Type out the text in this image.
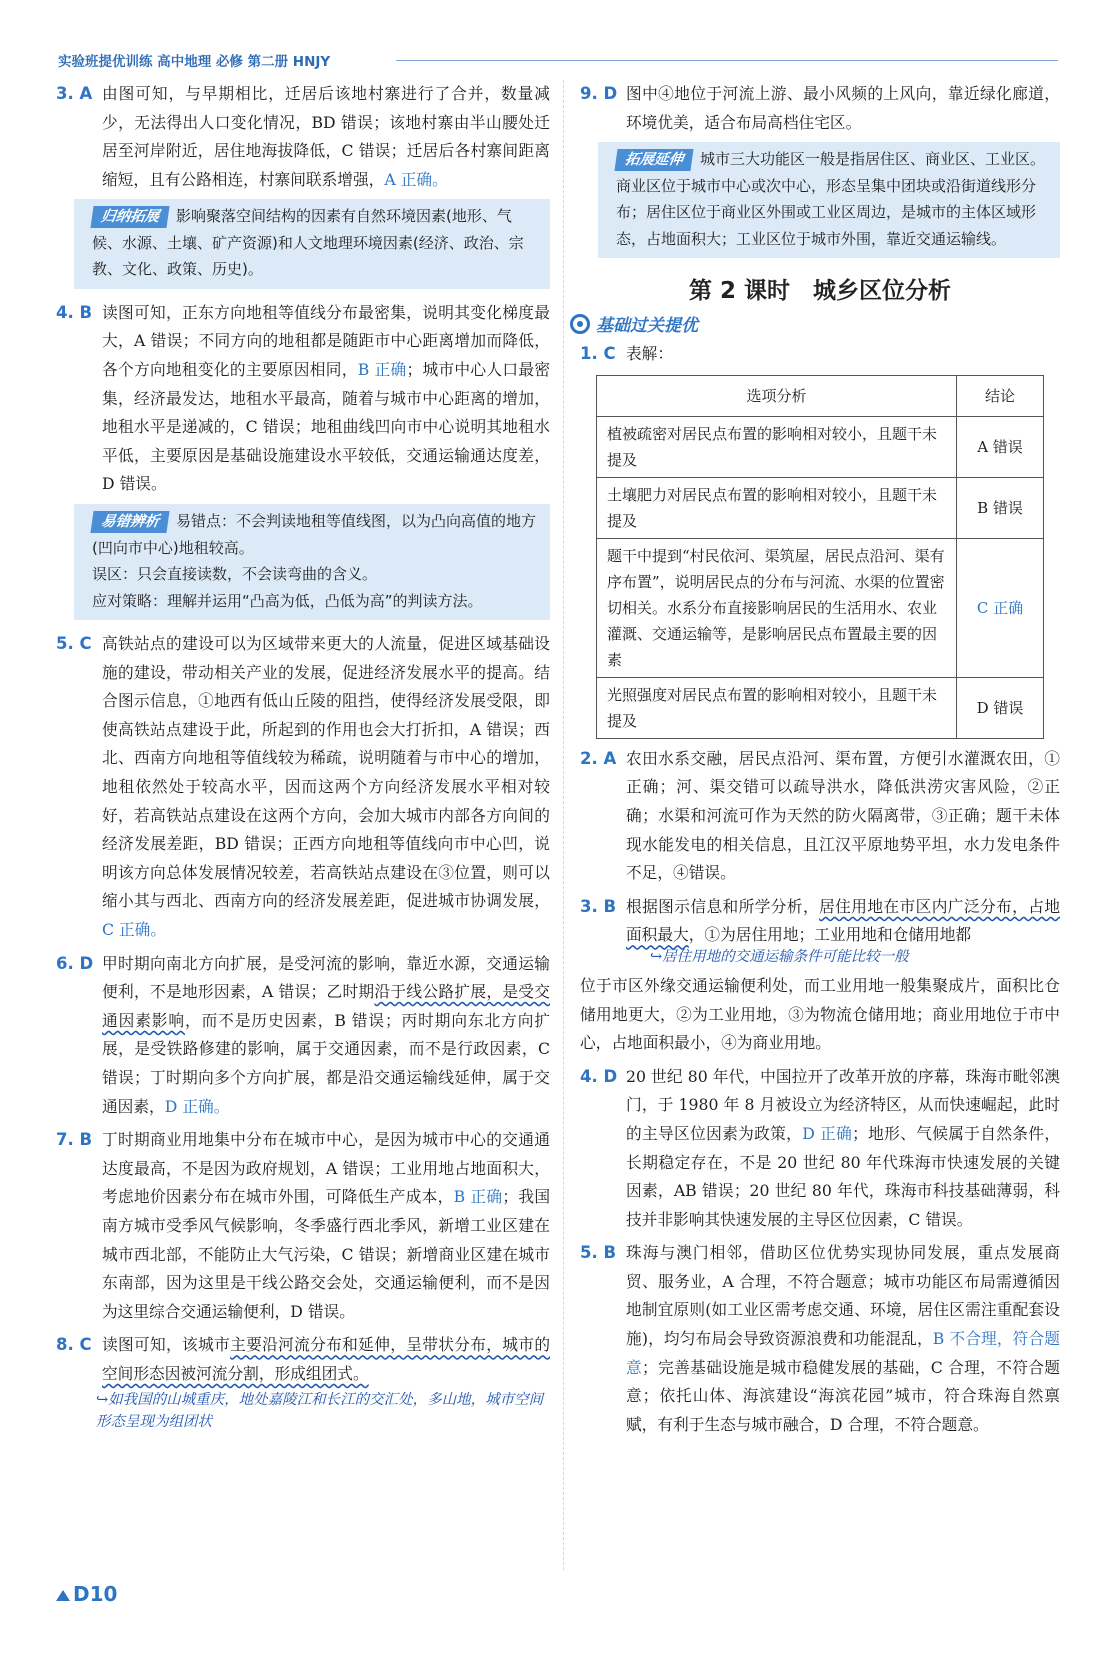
实验班提优训练 高中地理 必修 第二册 HNJY
3. A 由图可知，与早期相比，迁居后该地村寨进行了合并，数量减少，无法得出人口变化情况，BD 错误；该地村寨由半山腰处迁居至河岸附近，居住地海拔降低，C 错误；迁居后各村寨间距离缩短，且有公路相连，村寨间联系增强，A 正确。
归纳拓展 影响聚落空间结构的因素有自然环境因素(地形、气候、水源、土壤、矿产资源)和人文地理环境因素(经济、政治、宗教、文化、政策、历史)。
4. B 读图可知，正东方向地租等值线分布最密集，说明其变化梯度最大，A 错误；不同方向的地租都是随距市中心距离增加而降低，各个方向地租变化的主要原因相同，B 正确；城市中心人口最密集，经济最发达，地租水平最高，随着与城市中心距离的增加，地租水平是递减的，C 错误；地租曲线凹向市中心说明其地租水平低，主要原因是基础设施建设水平较低，交通运输通达度差，D 错误。
易错辨析 易错点：不会判读地租等值线图，以为凸向高值的地方(凹向市中心)地租较高。
误区：只会直接读数，不会读弯曲的含义。
应对策略：理解并运用“凸高为低，凸低为高”的判读方法。
5. C 高铁站点的建设可以为区域带来更大的人流量，促进区域基础设施的建设，带动相关产业的发展，促进经济发展水平的提高。结合图示信息，①地西有低山丘陵的阻挡，使得经济发展受限，即使高铁站点建设于此，所起到的作用也会大打折扣，A 错误；西北、西南方向地租等值线较为稀疏，说明随着与市中心的增加，地租依然处于较高水平，因而这两个方向经济发展水平相对较好，若高铁站点建设在这两个方向，会加大城市内部各方向间的经济发展差距，BD 错误；正西方向地租等值线向市中心凹，说明该方向总体发展情况较差，若高铁站点建设在③位置，则可以缩小其与西北、西南方向的经济发展差距，促进城市协调发展，C 正确。
6. D 甲时期向南北方向扩展，是受河流的影响，靠近水源，交通运输便利，不是地形因素，A 错误；乙时期沿于线公路扩展，是受交通因素影响，而不是历史因素，B 错误；丙时期向东北方向扩展，是受铁路修建的影响，属于交通因素，而不是行政因素，C 错误；丁时期向多个方向扩展，都是沿交通运输线延伸，属于交通因素，D 正确。
7. B 丁时期商业用地集中分布在城市中心，是因为城市中心的交通通达度最高，不是因为政府规划，A 错误；工业用地占地面积大，考虑地价因素分布在城市外围，可降低生产成本，B 正确；我国南方城市受季风气候影响，冬季盛行西北季风，新增工业区建在城市西北部，不能防止大气污染，C 错误；新增商业区建在城市东南部，因为这里是干线公路交会处，交通运输便利，而不是因为这里综合交通运输便利，D 错误。
8. C 读图可知，该城市主要沿河流分布和延伸，呈带状分布，城市的空间形态因被河流分割，形成组团式。
↪如我国的山城重庆，地处嘉陵江和长江的交汇处，多山地，城市空间形态呈现为组团状
9. D 图中④地位于河流上游、最小风频的上风向，靠近绿化廊道，环境优美，适合布局高档住宅区。
拓展延伸 城市三大功能区一般是指居住区、商业区、工业区。商业区位于城市中心或次中心，形态呈集中团块或沿街道线形分布；居住区位于商业区外围或工业区周边，是城市的主体区域形态，占地面积大；工业区位于城市外围，靠近交通运输线。
第 2 课时　城乡区位分析
基础过关提优
1. C 表解：
选项分析	结论
植被疏密对居民点布置的影响相对较小，且题干未提及	A 错误
土壤肥力对居民点布置的影响相对较小，且题干未提及	B 错误
题干中提到“村民依河、渠筑屋，居民点沿河、渠有序布置”，说明居民点的分布与河流、水渠的位置密切相关。水系分布直接影响居民的生活用水、农业灌溉、交通运输等，是影响居民点布置最主要的因素	C 正确
光照强度对居民点布置的影响相对较小，且题干未提及	D 错误
2. A 农田水系交融，居民点沿河、渠布置，方便引水灌溉农田，①正确；河、渠交错可以疏导洪水，降低洪涝灾害风险，②正确；水渠和河流可作为天然的防火隔离带，③正确；题干未体现水能发电的相关信息，且江汉平原地势平坦，水力发电条件不足，④错误。
3. B 根据图示信息和所学分析，居住用地在市区内广泛分布，占地面积最大，①为居住用地；工业用地和仓储用地都
↪居住用地的交通运输条件可能比较一般
位于市区外缘交通运输便利处，而工业用地一般集聚成片，面积比仓储用地更大，②为工业用地，③为物流仓储用地；商业用地位于市中心，占地面积最小，④为商业用地。
4. D 20 世纪 80 年代，中国拉开了改革开放的序幕，珠海市毗邻澳门，于 1980 年 8 月被设立为经济特区，从而快速崛起，此时的主导区位因素为政策，D 正确；地形、气候属于自然条件，长期稳定存在，不是 20 世纪 80 年代珠海市快速发展的关键因素，AB 错误；20 世纪 80 年代，珠海市科技基础薄弱，科技并非影响其快速发展的主导区位因素，C 错误。
5. B 珠海与澳门相邻，借助区位优势实现协同发展，重点发展商贸、服务业，A 合理，不符合题意；城市功能区布局需遵循因地制宜原则(如工业区需考虑交通、环境，居住区需注重配套设施)，均匀布局会导致资源浪费和功能混乱，B 不合理，符合题意；完善基础设施是城市稳健发展的基础，C 合理，不符合题意；依托山体、海滨建设“海滨花园”城市，符合珠海自然禀赋，有利于生态与城市融合，D 合理，不符合题意。
D10
